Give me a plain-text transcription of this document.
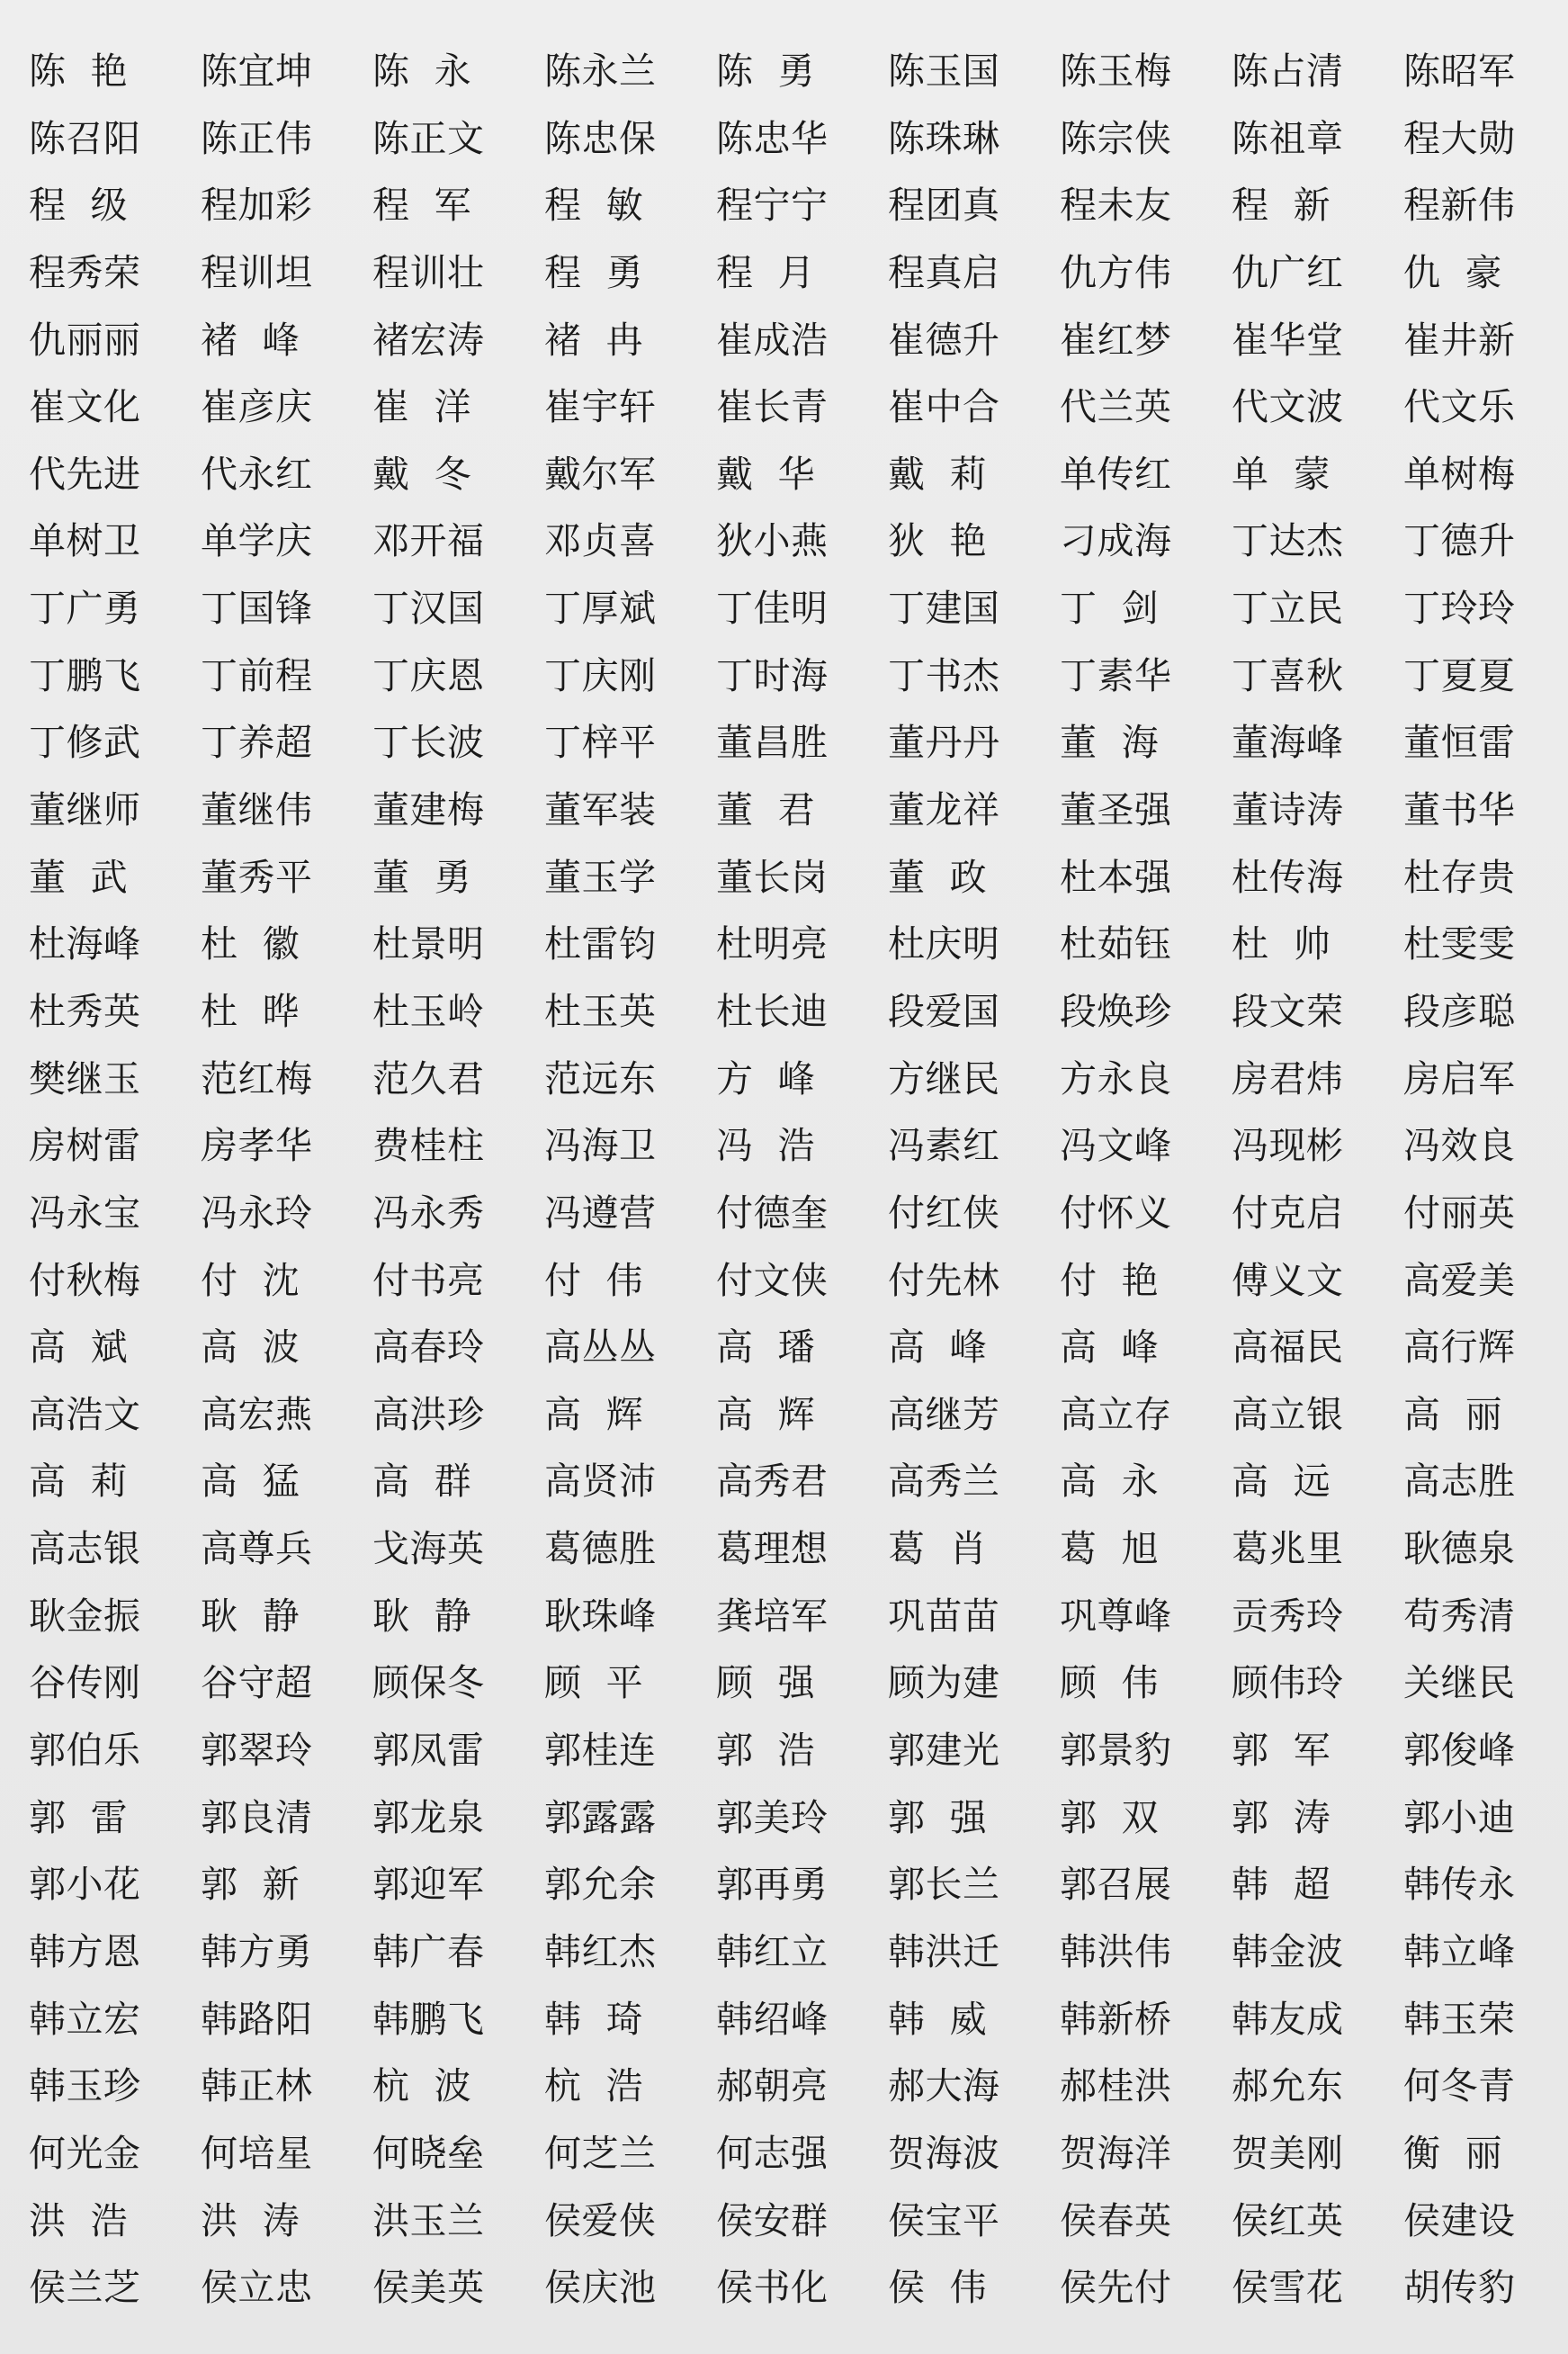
陈  艳	陈宜坤	陈  永	陈永兰	陈  勇	陈玉国	陈玉梅	陈占清	陈昭军
陈召阳	陈正伟	陈正文	陈忠保	陈忠华	陈珠琳	陈宗侠	陈祖章	程大勋
程  级	程加彩	程  军	程  敏	程宁宁	程团真	程未友	程  新	程新伟
程秀荣	程训坦	程训壮	程  勇	程  月	程真启	仇方伟	仇广红	仇  豪
仇丽丽	褚  峰	褚宏涛	褚  冉	崔成浩	崔德升	崔红梦	崔华堂	崔井新
崔文化	崔彦庆	崔  洋	崔宇轩	崔长青	崔中合	代兰英	代文波	代文乐
代先进	代永红	戴  冬	戴尔军	戴  华	戴  莉	单传红	单  蒙	单树梅
单树卫	单学庆	邓开福	邓贞喜	狄小燕	狄  艳	刁成海	丁达杰	丁德升
丁广勇	丁国锋	丁汉国	丁厚斌	丁佳明	丁建国	丁  剑	丁立民	丁玲玲
丁鹏飞	丁前程	丁庆恩	丁庆刚	丁时海	丁书杰	丁素华	丁喜秋	丁夏夏
丁修武	丁养超	丁长波	丁梓平	董昌胜	董丹丹	董  海	董海峰	董恒雷
董继师	董继伟	董建梅	董军装	董  君	董龙祥	董圣强	董诗涛	董书华
董  武	董秀平	董  勇	董玉学	董长岗	董  政	杜本强	杜传海	杜存贵
杜海峰	杜  徽	杜景明	杜雷钧	杜明亮	杜庆明	杜茹钰	杜  帅	杜雯雯
杜秀英	杜  晔	杜玉岭	杜玉英	杜长迪	段爱国	段焕珍	段文荣	段彦聪
樊继玉	范红梅	范久君	范远东	方  峰	方继民	方永良	房君炜	房启军
房树雷	房孝华	费桂柱	冯海卫	冯  浩	冯素红	冯文峰	冯现彬	冯效良
冯永宝	冯永玲	冯永秀	冯遵营	付德奎	付红侠	付怀义	付克启	付丽英
付秋梅	付  沈	付书亮	付  伟	付文侠	付先林	付  艳	傅义文	高爱美
高  斌	高  波	高春玲	高丛丛	高  璠	高  峰	高  峰	高福民	高行辉
高浩文	高宏燕	高洪珍	高  辉	高  辉	高继芳	高立存	高立银	高  丽
高  莉	高  猛	高  群	高贤沛	高秀君	高秀兰	高  永	高  远	高志胜
高志银	高尊兵	戈海英	葛德胜	葛理想	葛  肖	葛  旭	葛兆里	耿德泉
耿金振	耿  静	耿  静	耿珠峰	龚培军	巩苗苗	巩尊峰	贡秀玲	苟秀清
谷传刚	谷守超	顾保冬	顾  平	顾  强	顾为建	顾  伟	顾伟玲	关继民
郭伯乐	郭翠玲	郭凤雷	郭桂连	郭  浩	郭建光	郭景豹	郭  军	郭俊峰
郭  雷	郭良清	郭龙泉	郭露露	郭美玲	郭  强	郭  双	郭  涛	郭小迪
郭小花	郭  新	郭迎军	郭允余	郭再勇	郭长兰	郭召展	韩  超	韩传永
韩方恩	韩方勇	韩广春	韩红杰	韩红立	韩洪迁	韩洪伟	韩金波	韩立峰
韩立宏	韩路阳	韩鹏飞	韩  琦	韩绍峰	韩  威	韩新桥	韩友成	韩玉荣
韩玉珍	韩正林	杭  波	杭  浩	郝朝亮	郝大海	郝桂洪	郝允东	何冬青
何光金	何培星	何晓垒	何芝兰	何志强	贺海波	贺海洋	贺美刚	衡  丽
洪  浩	洪  涛	洪玉兰	侯爱侠	侯安群	侯宝平	侯春英	侯红英	侯建设
侯兰芝	侯立忠	侯美英	侯庆池	侯书化	侯  伟	侯先付	侯雪花	胡传豹
